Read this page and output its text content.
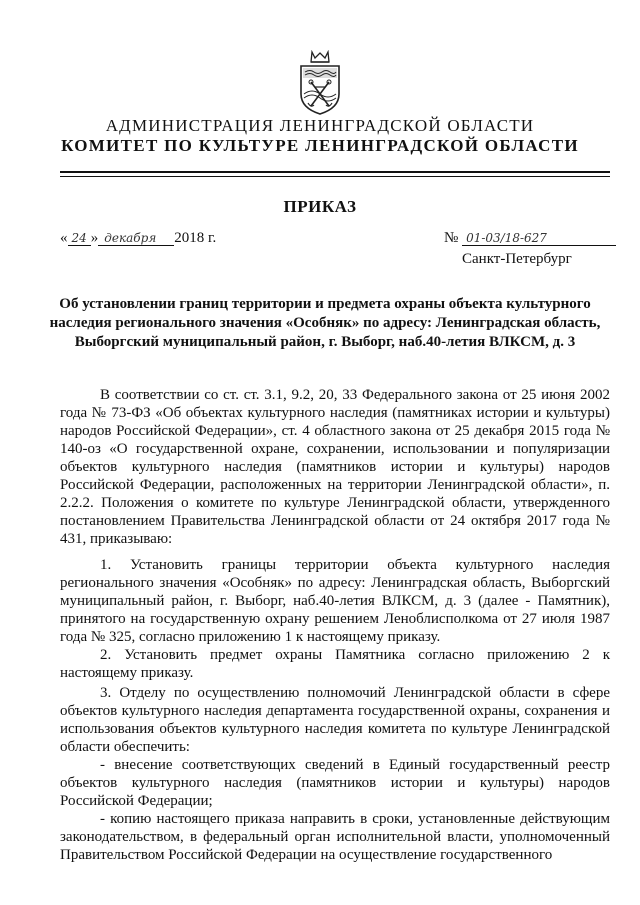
АДМИНИСТРАЦИЯ ЛЕНИНГРАДСКОЙ ОБЛАСТИ
КОМИТЕТ ПО КУЛЬТУРЕ ЛЕНИНГРАДСКОЙ ОБЛАСТИ
ПРИКАЗ
« 24 » декабря 2018 г.	№ 01-03/18-627
Санкт-Петербург
Об установлении границ территории и предмета охраны объекта культурного наследия регионального значения «Особняк» по адресу: Ленинградская область, Выборгский муниципальный район, г. Выборг, наб.40-летия ВЛКСМ, д. 3
В соответствии со ст. ст. 3.1, 9.2, 20, 33 Федерального закона от 25 июня 2002 года № 73-ФЗ «Об объектах культурного наследия (памятниках истории и культуры) народов Российской Федерации», ст. 4 областного закона от 25 декабря 2015 года № 140-оз «О государственной охране, сохранении, использовании и популяризации объектов культурного наследия (памятников истории и культуры) народов Российской Федерации, расположенных на территории Ленинградской области», п. 2.2.2. Положения о комитете по культуре Ленинградской области, утвержденного постановлением Правительства Ленинградской области от 24 октября 2017 года № 431, приказываю:
1. Установить границы территории объекта культурного наследия регионального значения «Особняк» по адресу: Ленинградская область, Выборгский муниципальный район, г. Выборг, наб.40-летия ВЛКСМ, д. 3 (далее - Памятник), принятого на государственную охрану решением Леноблисполкома от 27 июля 1987 года № 325, согласно приложению 1 к настоящему приказу.
2. Установить предмет охраны Памятника согласно приложению 2 к настоящему приказу.
3. Отделу по осуществлению полномочий Ленинградской области в сфере объектов культурного наследия департамента государственной охраны, сохранения и использования объектов культурного наследия комитета по культуре Ленинградской области обеспечить:
- внесение соответствующих сведений в Единый государственный реестр объектов культурного наследия (памятников истории и культуры) народов Российской Федерации;
- копию настоящего приказа направить в сроки, установленные действующим законодательством, в федеральный орган исполнительной власти, уполномоченный Правительством Российской Федерации на осуществление государственного
